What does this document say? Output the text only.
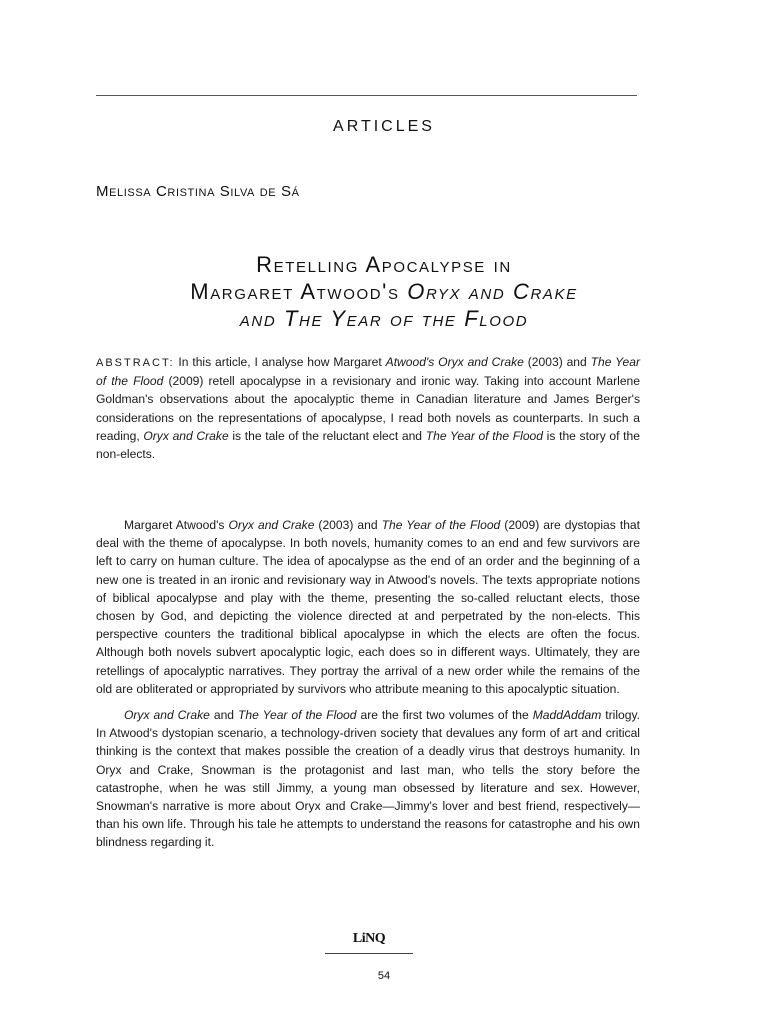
ARTICLES
Melissa Cristina Silva de Sá
Retelling Apocalypse in
Margaret Atwood's Oryx and Crake
and The Year of the Flood
ABSTRACT: In this article, I analyse how Margaret Atwood's Oryx and Crake (2003) and The Year of the Flood (2009) retell apocalypse in a revisionary and ironic way. Taking into account Marlene Goldman's observations about the apocalyptic theme in Canadian literature and James Berger's considerations on the representations of apocalypse, I read both novels as counterparts. In such a reading, Oryx and Crake is the tale of the reluctant elect and The Year of the Flood is the story of the non-elects.
Margaret Atwood's Oryx and Crake (2003) and The Year of the Flood (2009) are dystopias that deal with the theme of apocalypse. In both novels, humanity comes to an end and few survivors are left to carry on human culture. The idea of apocalypse as the end of an order and the beginning of a new one is treated in an ironic and revisionary way in Atwood's novels. The texts appropriate notions of biblical apocalypse and play with the theme, presenting the so-called reluctant elects, those chosen by God, and depicting the violence directed at and perpetrated by the non-elects. This perspective counters the traditional biblical apocalypse in which the elects are often the focus. Although both novels subvert apocalyptic logic, each does so in different ways. Ultimately, they are retellings of apocalyptic narratives. They portray the arrival of a new order while the remains of the old are obliterated or appropriated by survivors who attribute meaning to this apocalyptic situation.
Oryx and Crake and The Year of the Flood are the first two volumes of the MaddAddam trilogy. In Atwood's dystopian scenario, a technology-driven society that devalues any form of art and critical thinking is the context that makes possible the creation of a deadly virus that destroys humanity. In Oryx and Crake, Snowman is the protagonist and last man, who tells the story before the catastrophe, when he was still Jimmy, a young man obsessed by literature and sex. However, Snowman's narrative is more about Oryx and Crake—Jimmy's lover and best friend, respectively—than his own life. Through his tale he attempts to understand the reasons for catastrophe and his own blindness regarding it.
LiNQ
54
